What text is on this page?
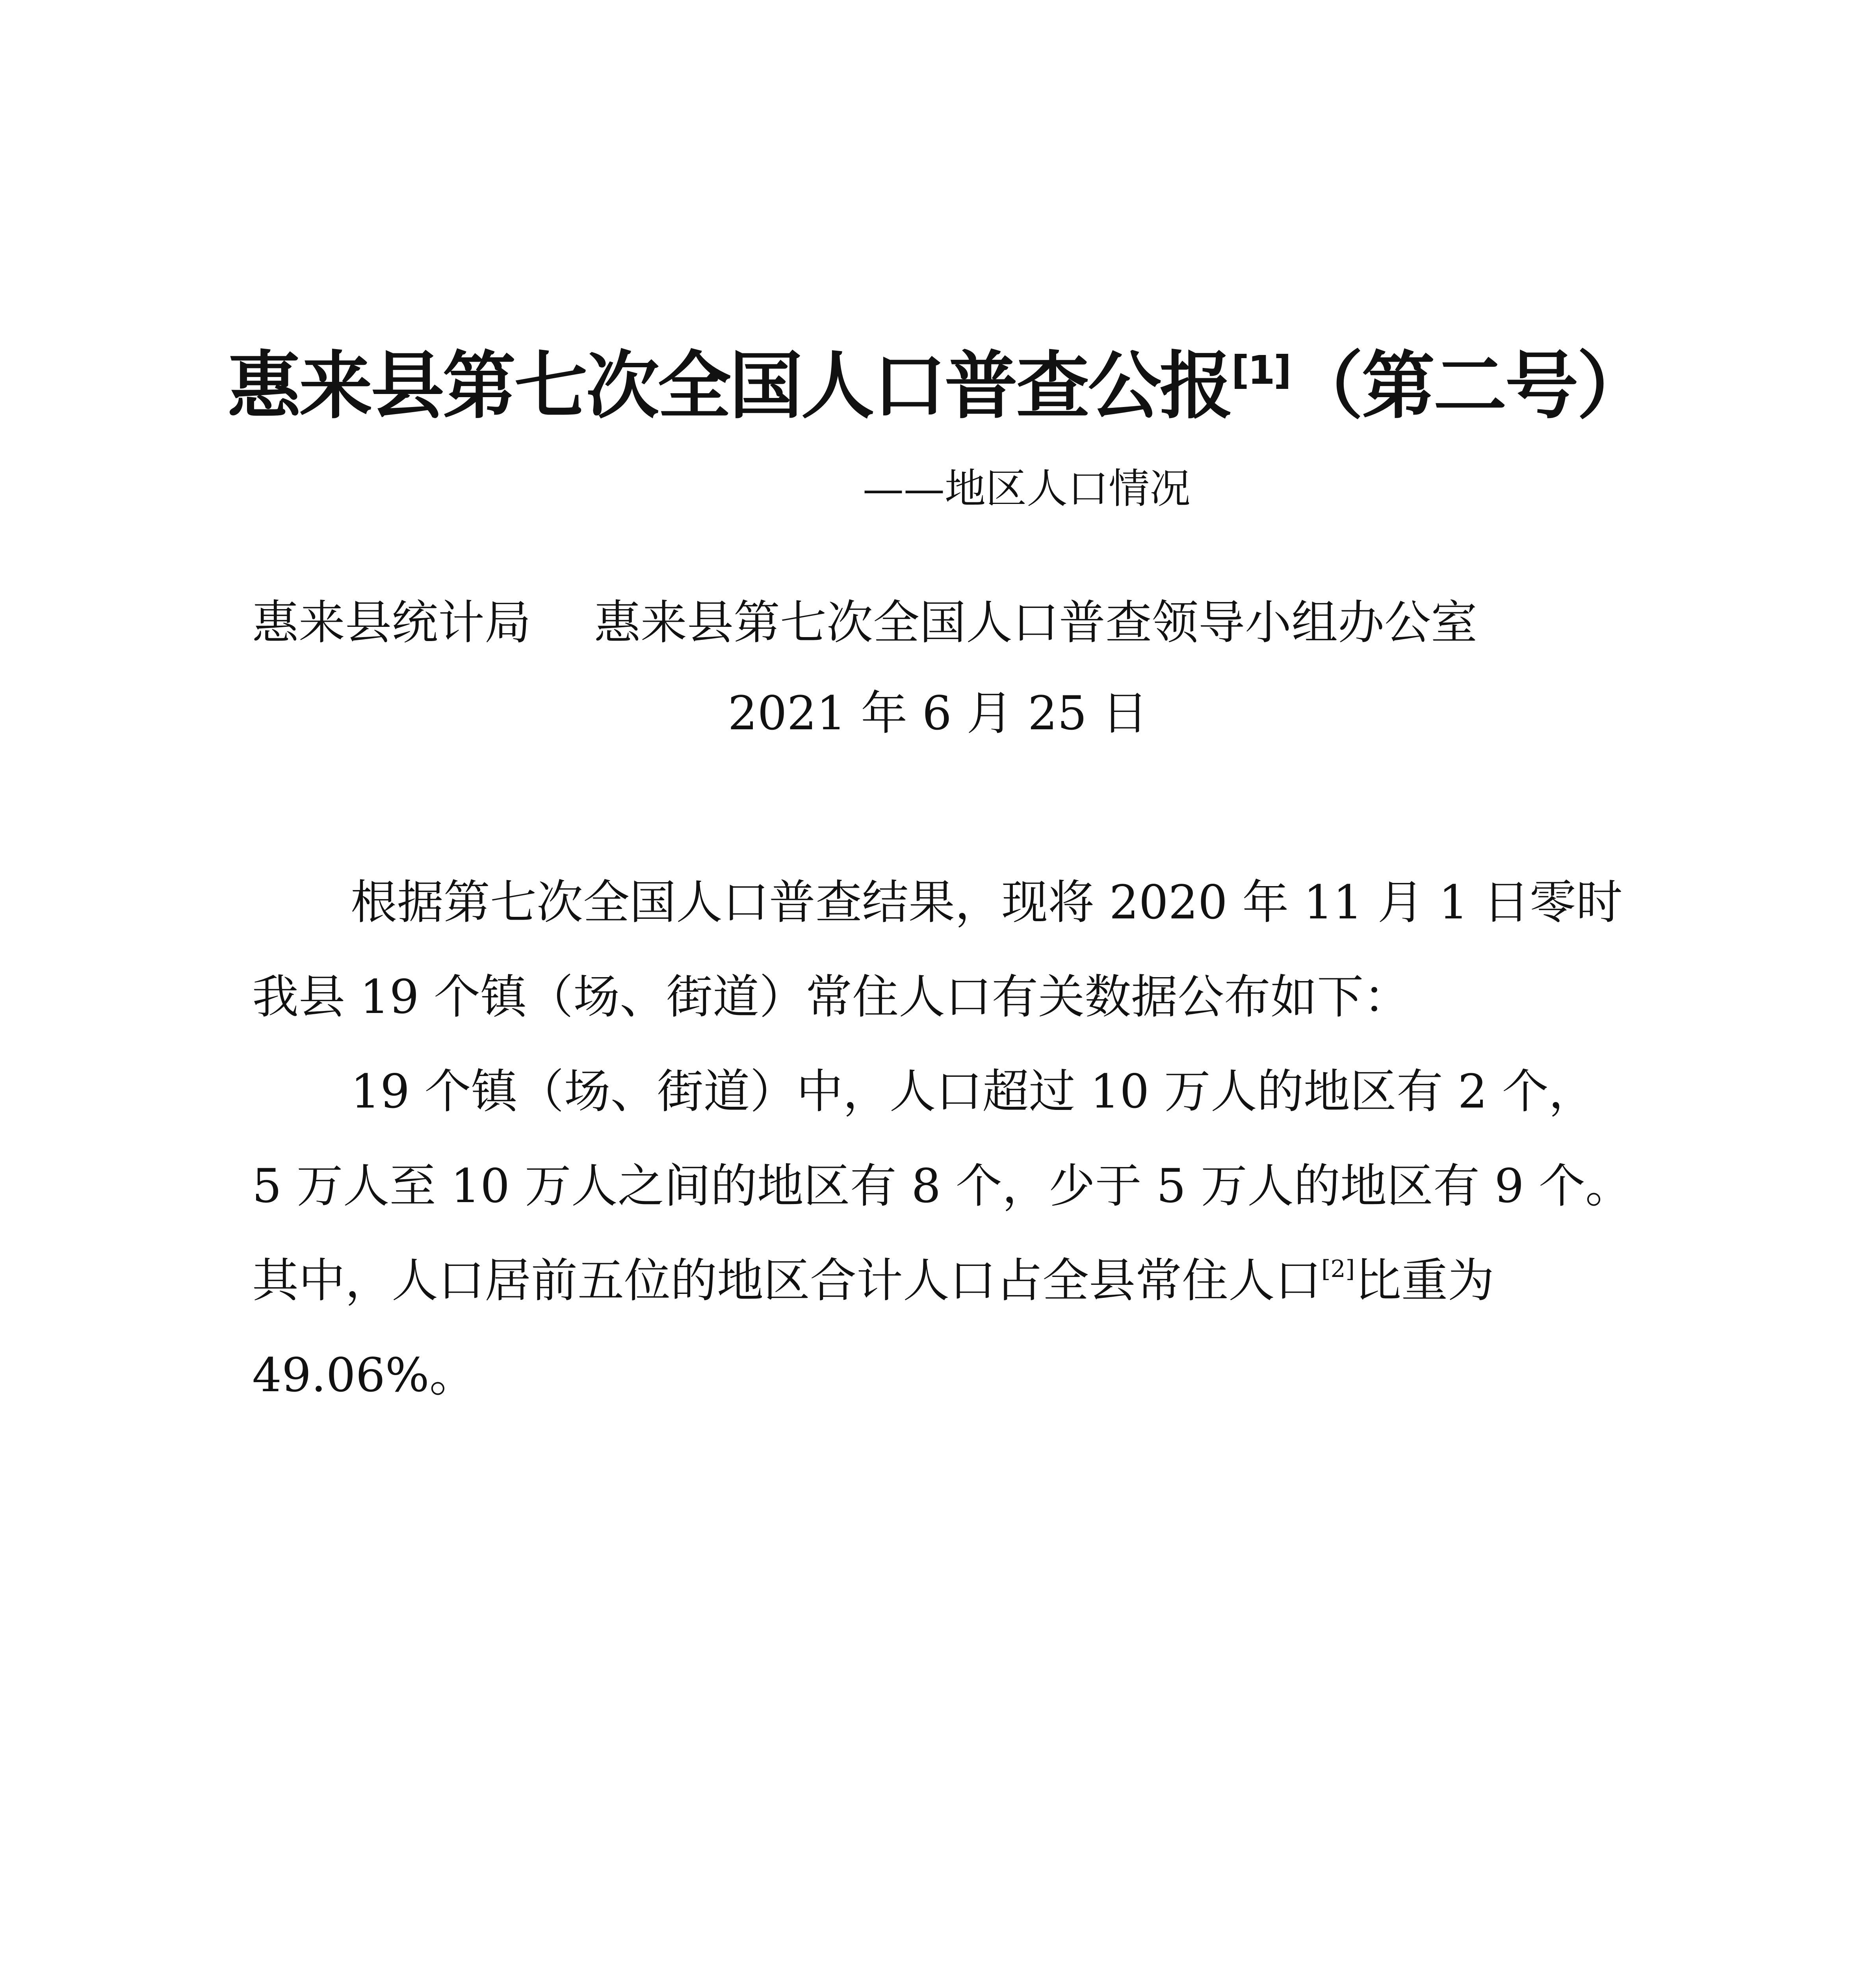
惠来县第七次全国人口普查公报[1]（第二号）
——地区人口情况
惠来县统计局 惠来县第七次全国人口普查领导小组办公室
2021 年 6 月 25 日
根据第七次全国人口普查结果，现将 2020 年 11 月 1 日零时
我县 19 个镇（场、街道）常住人口有关数据公布如下：
19 个镇（场、街道）中，人口超过 10 万人的地区有 2 个，
5 万人至 10 万人之间的地区有 8 个，少于 5 万人的地区有 9 个。
其中，人口居前五位的地区合计人口占全县常住人口[2]比重为
49.06%。
